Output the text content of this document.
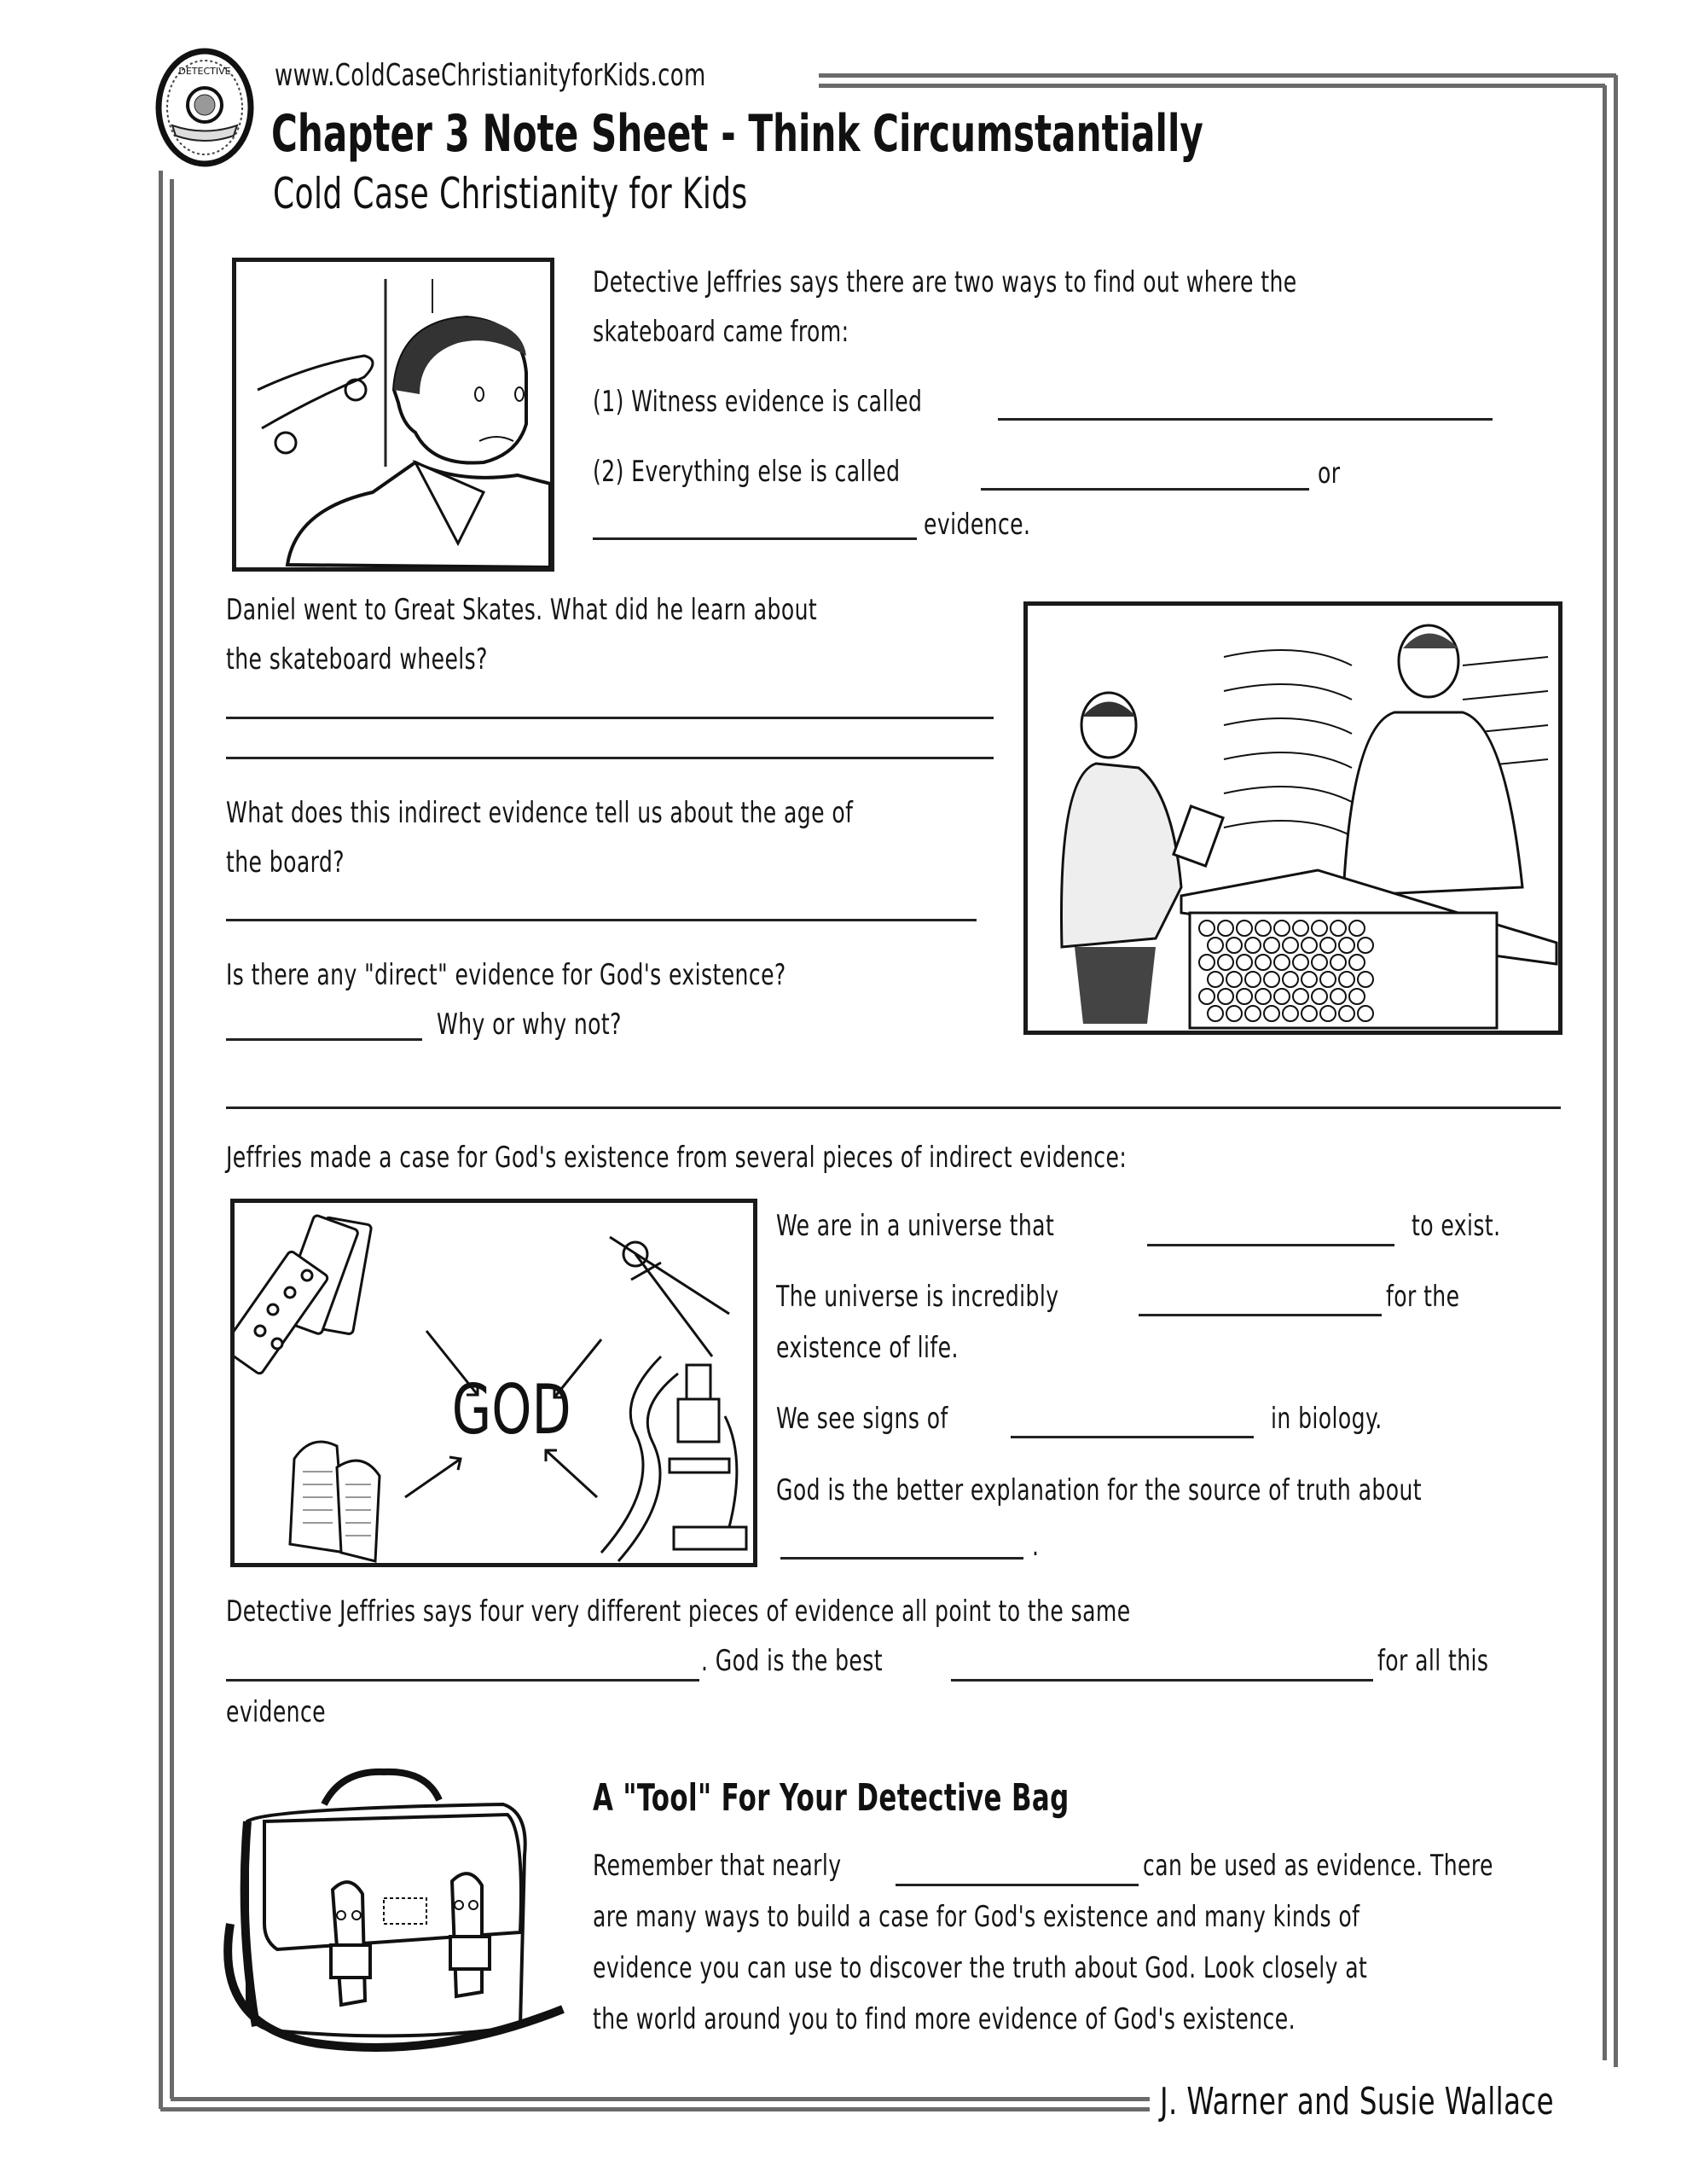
DETECTIVE www.ColdCaseChristianityforKids.com
Chapter 3 Note Sheet - Think Circumstantially
Cold Case Christianity for Kids
Detective Jeffries says there are two ways to find out where the
skateboard came from:
(1) Witness evidence is called
(2) Everything else is called	or
evidence.
Daniel went to Great Skates. What did he learn about
the skateboard wheels?
What does this indirect evidence tell us about the age of
the board?
Is there any "direct" evidence for God's existence?
Why or why not?
Jeffries made a case for God's existence from several pieces of indirect evidence:
GOD
We are in a universe that	to exist.
The universe is incredibly	for the
existence of life.
We see signs of	in biology.
God is the better explanation for the source of truth about
.
Detective Jeffries says four very different pieces of evidence all point to the same
. God is the best	for all this
evidence
A "Tool" For Your Detective Bag
Remember that nearly	can be used as evidence. There
are many ways to build a case for God's existence and many kinds of
evidence you can use to discover the truth about God. Look closely at
the world around you to find more evidence of God's existence.
J. Warner and Susie Wallace
